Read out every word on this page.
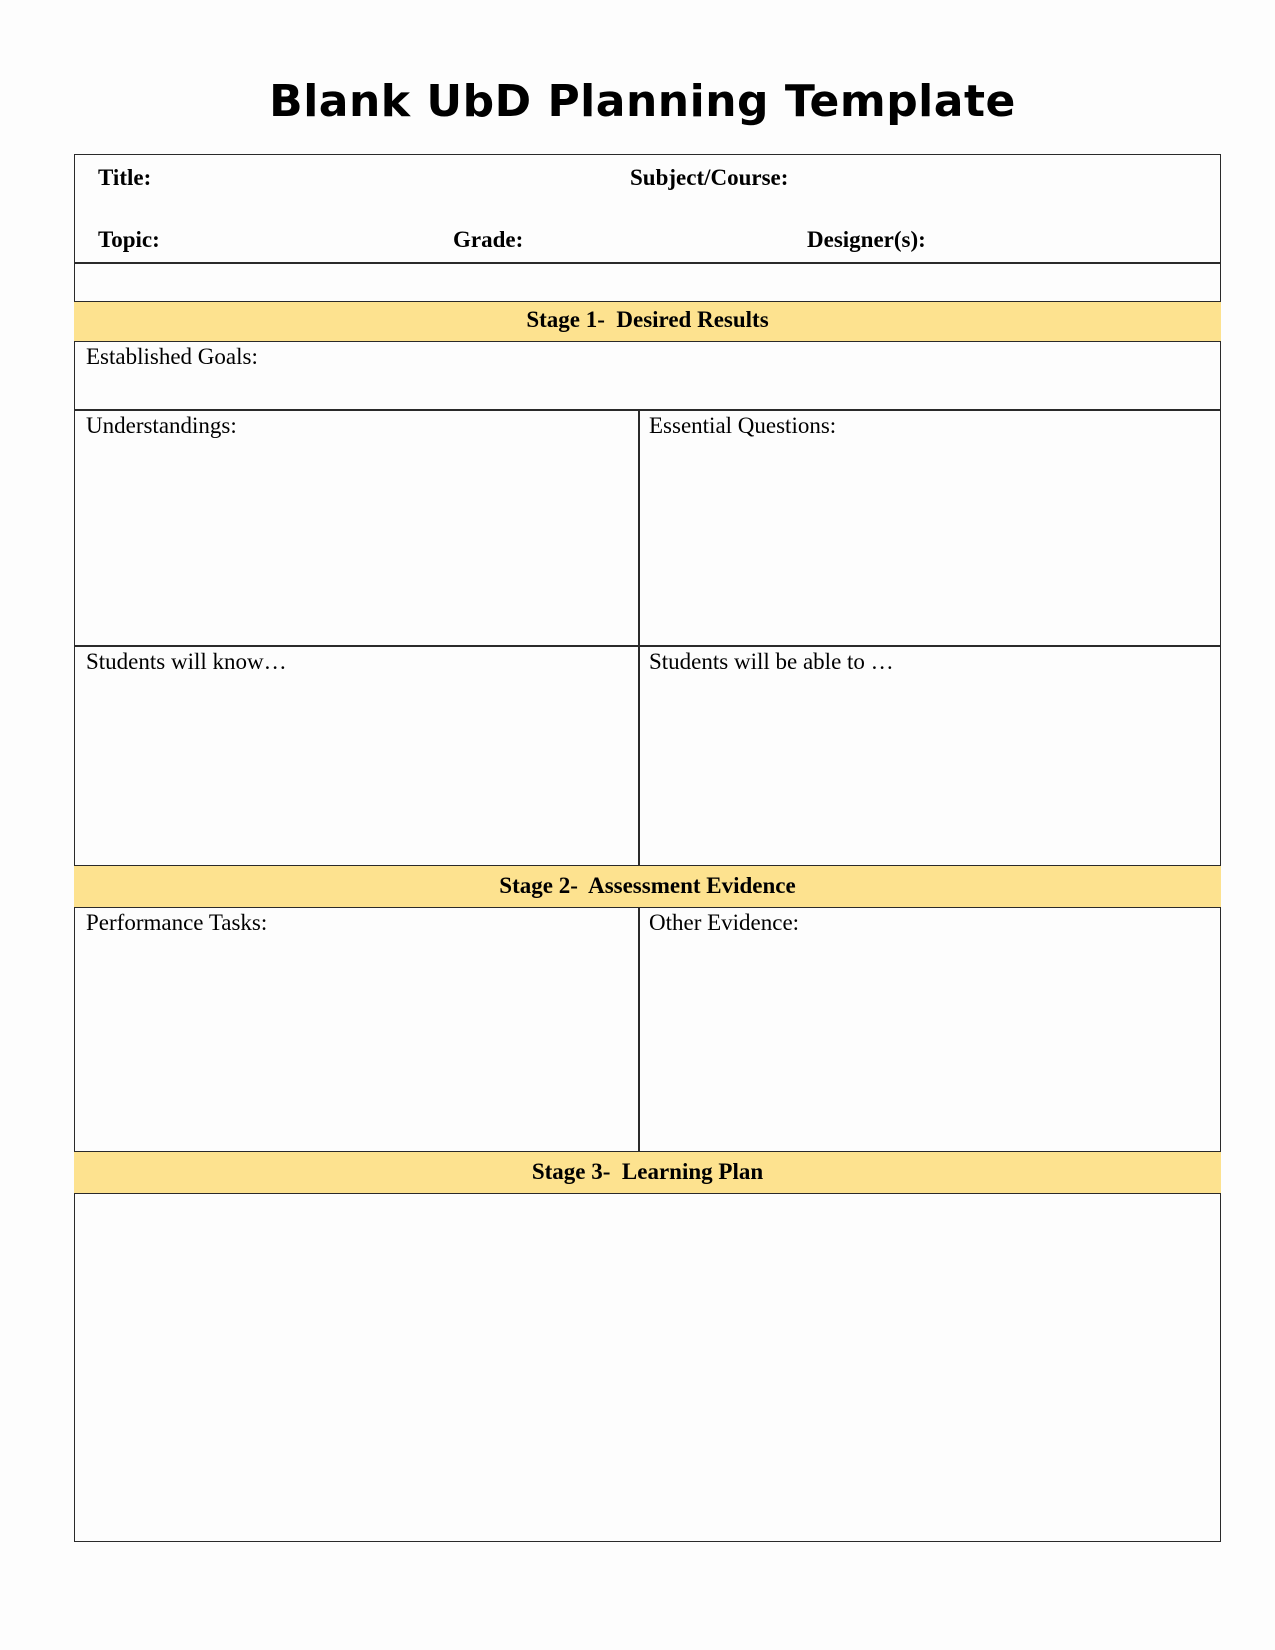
Blank UbD Planning Template
Title:	Subject/Course:
Topic:	Grade:	Designer(s):
Stage 1-  Desired Results
Established Goals:
Understandings:	Essential Questions:
Students will know…	Students will be able to …
Stage 2-  Assessment Evidence
Performance Tasks:	Other Evidence:
Stage 3-  Learning Plan
